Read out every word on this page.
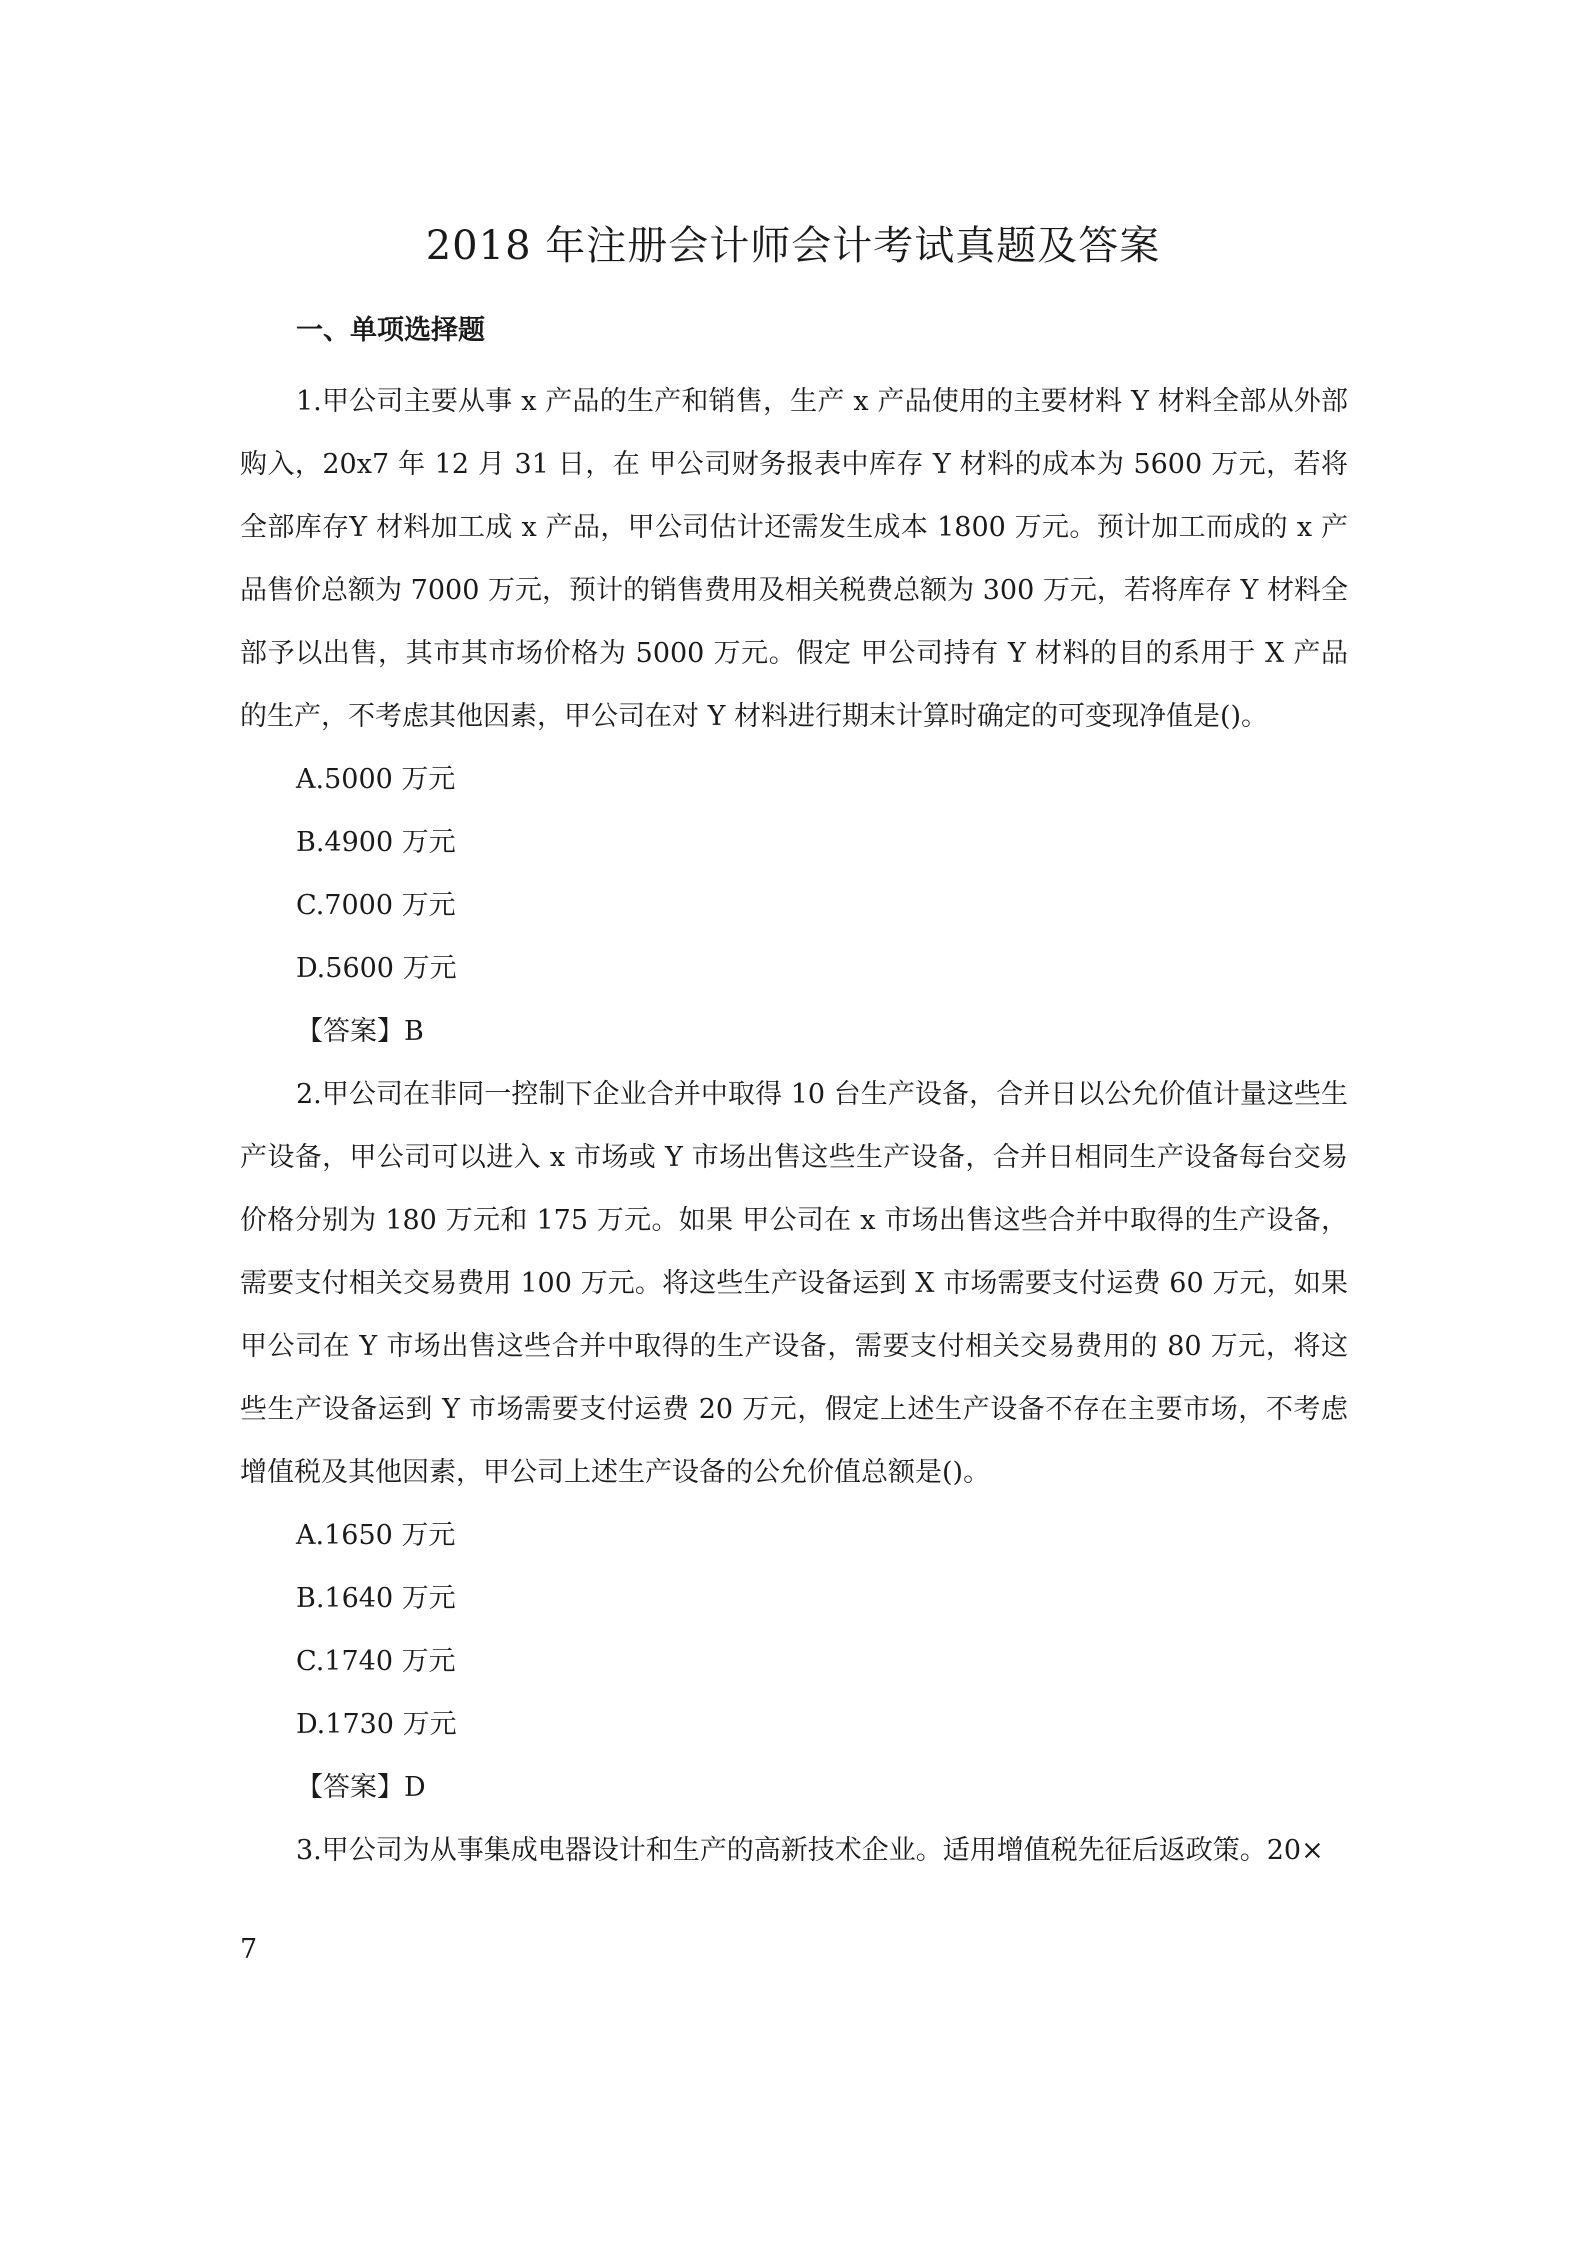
2018 年注册会计师会计考试真题及答案
一、单项选择题

1.甲公司主要从事 x 产品的生产和销售，生产 x 产品使用的主要材料 Y 材料全部从外部购入，20x7 年 12 月 31 日，在 甲公司财务报表中库存 Y 材料的成本为 5600 万元，若将全部库存Y 材料加工成 x 产品，甲公司估计还需发生成本 1800 万元。预计加工而成的 x 产品售价总额为 7000 万元，预计的销售费用及相关税费总额为 300 万元，若将库存 Y 材料全部予以出售，其市其市场价格为 5000 万元。假定 甲公司持有 Y 材料的目的系用于 X 产品的生产，不考虑其他因素，甲公司在对 Y 材料进行期末计算时确定的可变现净值是()。

A.5000 万元
B.4900 万元
C.7000 万元
D.5600 万元
【答案】B

2.甲公司在非同一控制下企业合并中取得 10 台生产设备，合并日以公允价值计量这些生产设备，甲公司可以进入 x 市场或 Y 市场出售这些生产设备，合并日相同生产设备每台交易价格分别为 180 万元和 175 万元。如果 甲公司在 x 市场出售这些合并中取得的生产设备，需要支付相关交易费用 100 万元。将这些生产设备运到 X 市场需要支付运费 60 万元，如果甲公司在 Y 市场出售这些合并中取得的生产设备，需要支付相关交易费用的 80 万元，将这些生产设备运到 Y 市场需要支付运费 20 万元，假定上述生产设备不存在主要市场，不考虑增值税及其他因素，甲公司上述生产设备的公允价值总额是()。

A.1650 万元
B.1640 万元
C.1740 万元
D.1730 万元
【答案】D

3.甲公司为从事集成电器设计和生产的高新技术企业。适用增值税先征后返政策。20×

7
